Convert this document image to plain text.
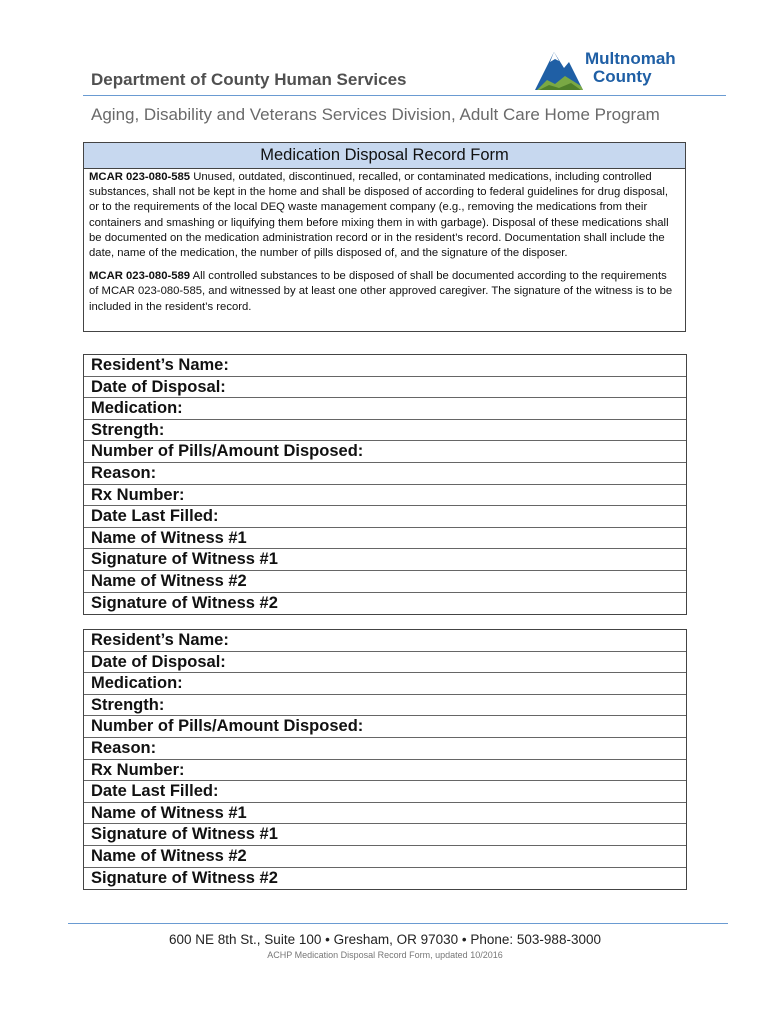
Department of County Human Services
Multnomah
County
Aging, Disability and Veterans Services Division, Adult Care Home Program
Medication Disposal Record Form

MCAR 023-080-585 Unused, outdated, discontinued, recalled, or contaminated medications, including controlled substances, shall not be kept in the home and shall be disposed of according to federal guidelines for drug disposal, or to the requirements of the local DEQ waste management company (e.g., removing the medications from their containers and smashing or liquifying them before mixing them in with garbage). Disposal of these medications shall be documented on the medication administration record or in the resident’s record. Documentation shall include the date, name of the medication, the number of pills disposed of, and the signature of the disposer.

MCAR 023-080-589 All controlled substances to be disposed of shall be documented according to the requirements of MCAR 023-080-585, and witnessed by at least one other approved caregiver. The signature of the witness is to be included in the resident’s record.

Resident’s Name:
Date of Disposal:
Medication:
Strength:
Number of Pills/Amount Disposed:
Reason:
Rx Number:
Date Last Filled:
Name of Witness #1
Signature of Witness #1
Name of Witness #2
Signature of Witness #2
Resident’s Name:
Date of Disposal:
Medication:
Strength:
Number of Pills/Amount Disposed:
Reason:
Rx Number:
Date Last Filled:
Name of Witness #1
Signature of Witness #1
Name of Witness #2
Signature of Witness #2
600 NE 8th St., Suite 100 • Gresham, OR 97030 • Phone: 503-988-3000
ACHP Medication Disposal Record Form, updated 10/2016
